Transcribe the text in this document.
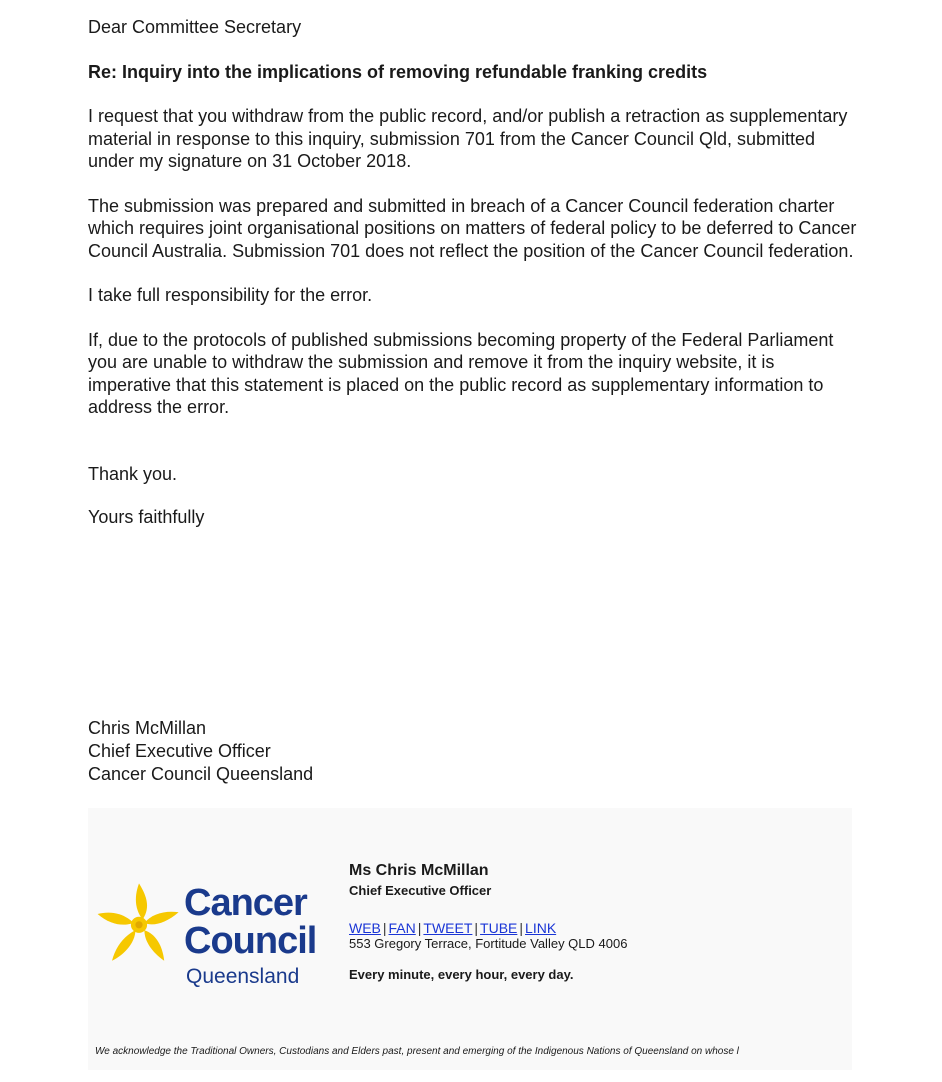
Dear Committee Secretary

Re: Inquiry into the implications of removing refundable franking credits

I request that you withdraw from the public record, and/or publish a retraction as supplementary material in response to this inquiry, submission 701 from the Cancer Council Qld, submitted under my signature on 31 October 2018.

The submission was prepared and submitted in breach of a Cancer Council federation charter which requires joint organisational positions on matters of federal policy to be deferred to Cancer Council Australia. Submission 701 does not reflect the position of the Cancer Council federation.

I take full responsibility for the error.

If, due to the protocols of published submissions becoming property of the Federal Parliament you are unable to withdraw the submission and remove it from the inquiry website, it is imperative that this statement is placed on the public record as supplementary information to address the error.

Thank you.

Yours faithfully

Chris McMillan
Chief Executive Officer
Cancer Council Queensland
Cancer
Council
Queensland
Ms Chris McMillan
Chief Executive Officer
WEB | FAN | TWEET | TUBE | LINK
553 Gregory Terrace, Fortitude Valley QLD 4006
Every minute, every hour, every day.
We acknowledge the Traditional Owners, Custodians and Elders past, present and emerging of the Indigenous Nations of Queensland on whose l
